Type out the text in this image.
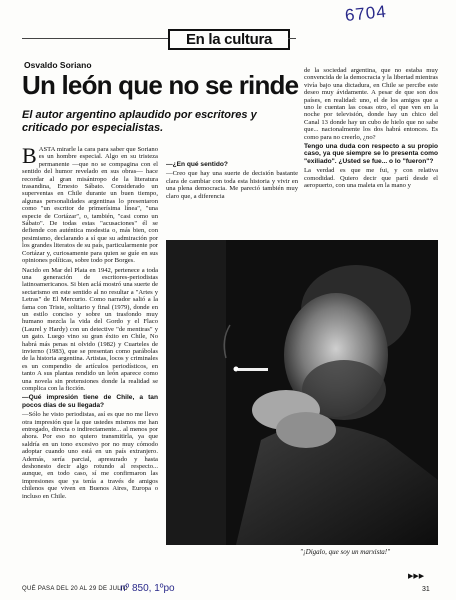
6704
En la cultura
Osvaldo Soriano
Un león que no se rinde
El autor argentino aplaudido por escritores y criticado por especialistas.

BASTA mirarle la cara para saber que Soriano es un hombre especial. Algo en su tristeza permanente —que no se compagina con el sentido del humor revelado en sus obras— hace recordar al gran misántropo de la literatura trasandina, Ernesto Sábato. Considerado un superventas en Chile durante un buen tiempo, algunas personalidades argentinas lo presentaron como "un escritor de primerísima línea", "una especie de Cortázar", o, también, "casi como un Sábato". De todas estas "acusaciones" él se defiende con auténtica modestia o, más bien, con pesimismo, declarando a sí que su admiración por los grandes literatos de su país, particularmente por Cortázar y, curiosamente para quien se guíe en sus opiniones políticas, sobre todo por Borges.

Nacido en Mar del Plata en 1942, pertenece a toda una generación de escritores-periodistas latinoamericanos. Si bien aclá mostró una suerte de sectarismo en este sentido al no resultar a "Artes y Letras" de El Mercurio. Como narrador salió a la fama con Triste, solitario y final (1979), donde en un estilo conciso y sobre un trasfondo muy humano mezcla la vida del Gordo y el Flaco (Laurel y Hardy) con un detective "de mentiras" y un gato. Luego vino su gran éxito en Chile, No habrá más penas ni olvido (1982) y Cuarteles de invierno (1983), que se presentan como parábolas de la historia argentina. Artistas, locos y criminales es un compendio de artículos periodísticos, en tanto A sus plantas rendido un león aparece como una novela sin pretensiones donde la realidad se complica con la ficción.

—Qué impresión tiene de Chile, a tan pocos días de su llegada?

—Sólo he visto periodistas, así es que no me llevo otra impresión que la que ustedes mismos me han entregado, directa o indirectamente... al menos por ahora. Por eso no quiero transmitirla, ya que saldría en un tono excesivo por no muy cómodo adoptar cuando uno está en un país extranjero. Además, sería parcial, apresurado y hasta deshonesto decir algo rotundo al respecto... aunque, en todo caso, sí me confirmaron las impresiones que ya tenía a través de amigos chilenos que viven en Buenos Aires, Europa o incluso en Chile.

—¿En qué sentido?

—Creo que hay una suerte de decisión bastante clara de cambiar con toda esta historia y vivir en una plena democracia. Me pareció también muy claro que, a diferencia

de la sociedad argentina, que no estaba muy convencida de la democracia y la libertad mientras vivía bajo una dictadura, en Chile se percibe este deseo muy ávidamente. A pesar de que son dos países, en realidad: uno, el de los amigos que a uno le cuentan las cosas otro, el que ven en la noche por televisión, donde hay un chico del Canal 13 donde hay un cubo de hielo que no sabe que... nacionalmente los dos habrá entonces. Es como para no creerlo, ¿no?

Tengo una duda con respecto a su propio caso, ya que siempre se lo presenta como "exiliado". ¿Usted se fue... o lo "fueron"?

La verdad es que me fui, y con relativa comodidad. Quiero decir que partí desde el aeropuerto, con una maleta en la mano y

"¡Digalo, que soy un marxista!"
▶▶▶
QUÉ PASA DEL 20 AL 29 DE JULIO
nº 850, 1ºpo	31
